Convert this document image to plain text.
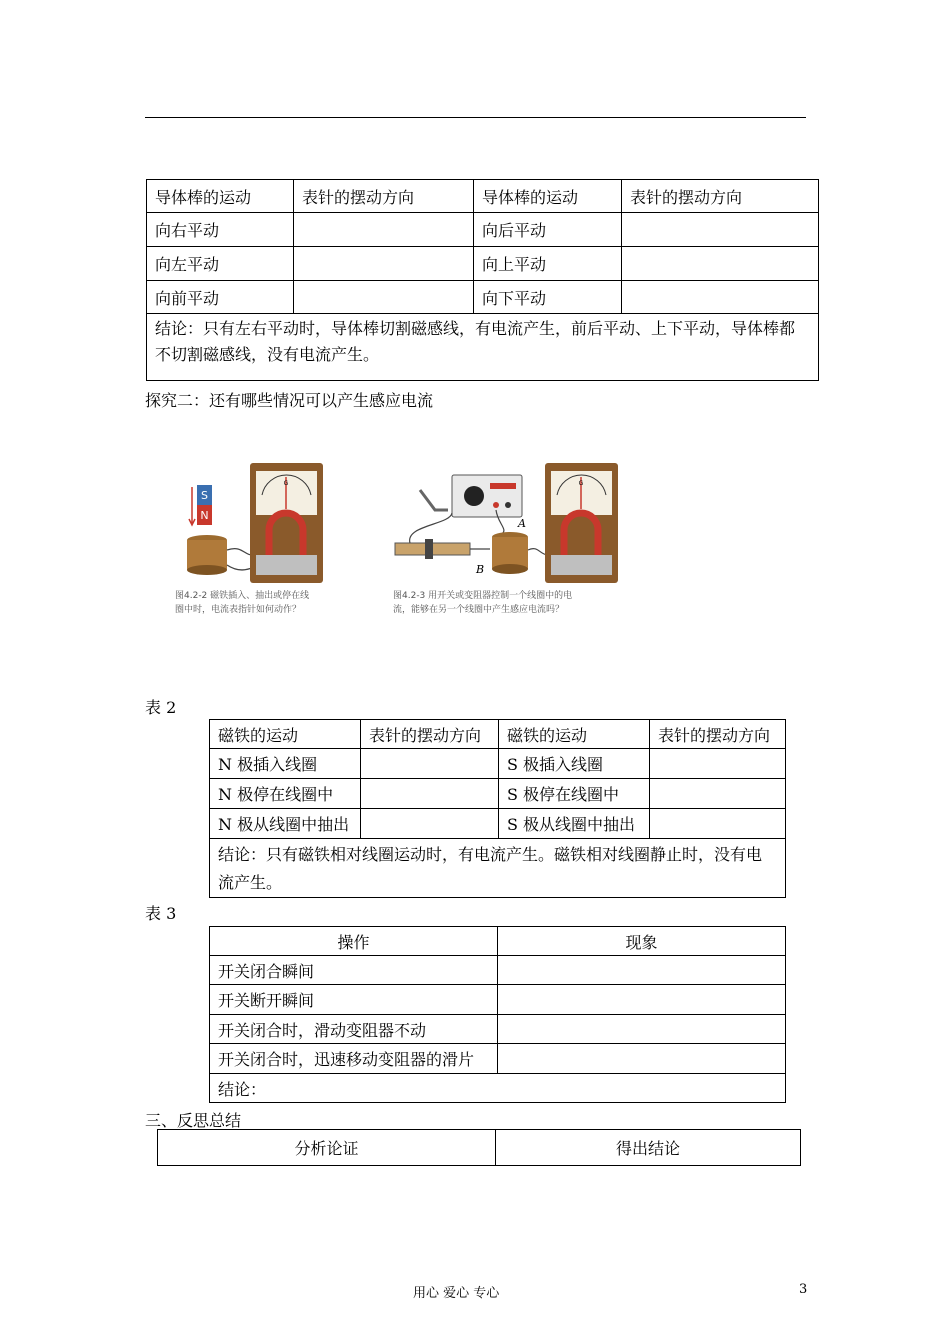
导体棒的运动	表针的摆动方向	导体棒的运动	表针的摆动方向
向右平动		向后平动	
向左平动		向上平动	
向前平动		向下平动	
结论：只有左右平动时，导体棒切割磁感线，有电流产生，前后平动、上下平动，导体棒都不切割磁感线，没有电流产生。			
探究二：还有哪些情况可以产生感应电流
S
N
G
图4.2-2 磁铁插入、抽出或停在线
圈中时，电流表指针如何动作？
B
A
G
图4.2-3 用开关或变阻器控制一个线圈中的电
流，能够在另一个线圈中产生感应电流吗？
表 2
磁铁的运动	表针的摆动方向	磁铁的运动	表针的摆动方向
N 极插入线圈		S 极插入线圈	
N 极停在线圈中		S 极停在线圈中	
N 极从线圈中抽出		S 极从线圈中抽出	
结论：只有磁铁相对线圈运动时，有电流产生。磁铁相对线圈静止时，没有电流产生。			
表 3
操作	现象
开关闭合瞬间	
开关断开瞬间	
开关闭合时，滑动变阻器不动	
开关闭合时，迅速移动变阻器的滑片	
结论：	
三、反思总结
分析论证	得出结论
用心 爱心 专心	3
